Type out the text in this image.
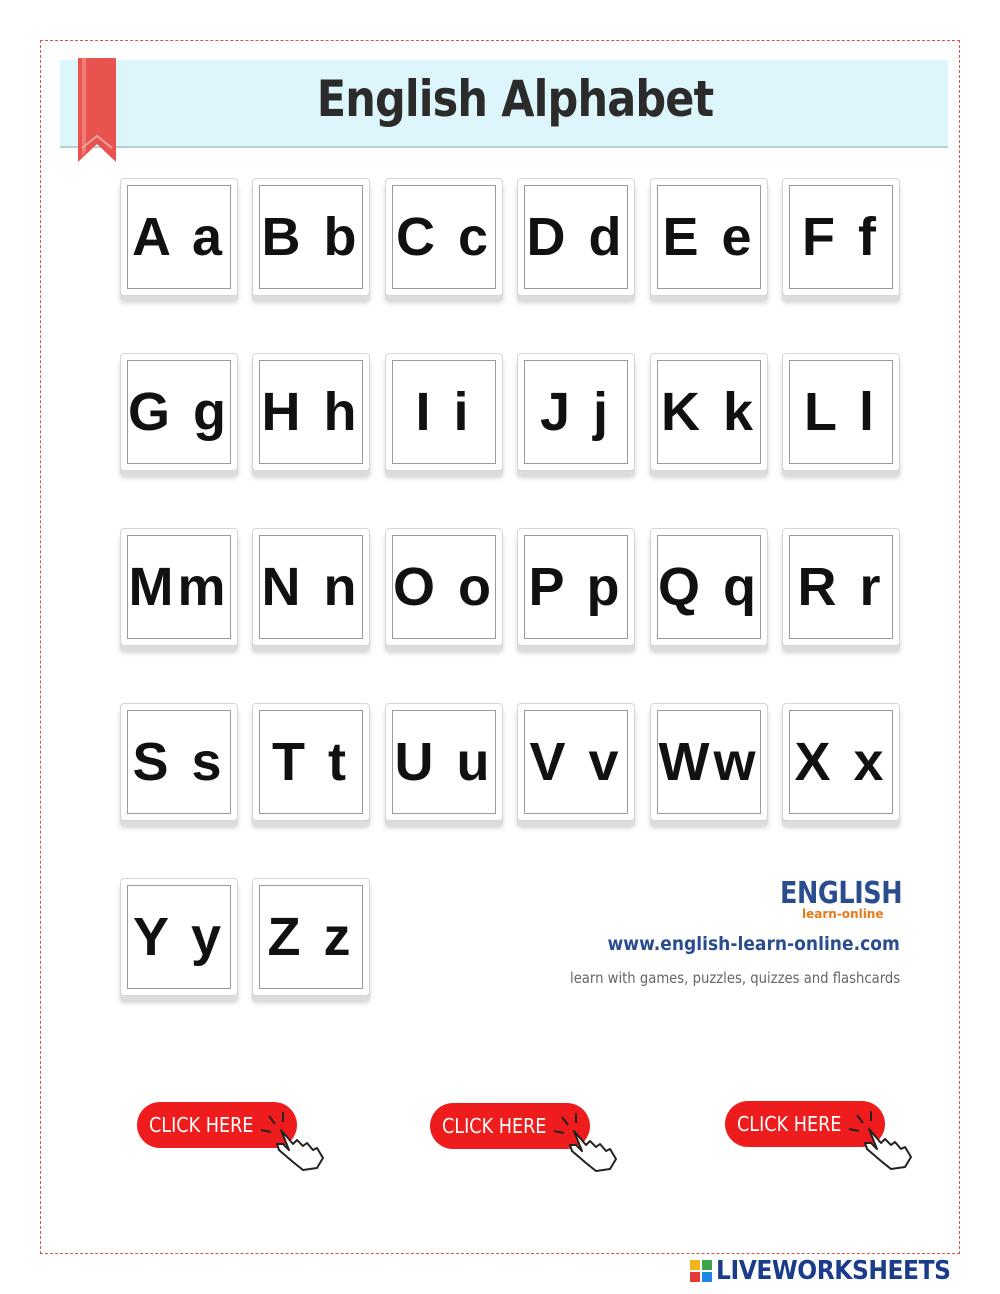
English Alphabet
A a B b C c D d E e F f
G g H h I i J j K k L l
Mm N n O o P p Q q R r
S s T t U u V v Ww X x
Y y Z z
ENGLISH
learn-online
www.english-learn-online.com
learn with games, puzzles, quizzes and flashcards
CLICK HERE	CLICK HERE	CLICK HERE
LIVEWORKSHEETS
